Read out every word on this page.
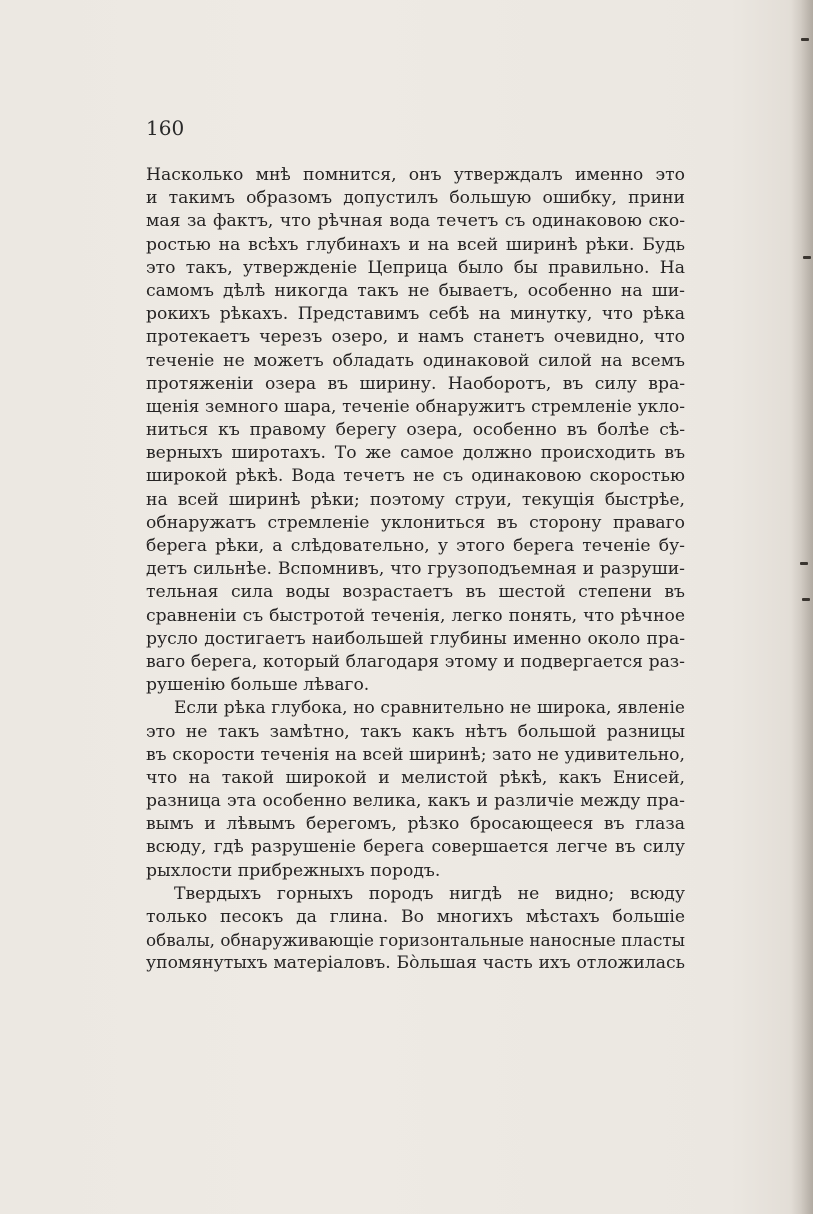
160

Насколько мнѣ помнится, онъ утверждалъ именно это
и такимъ образомъ допустилъ большую ошибку, прини
мая за фактъ, что рѣчная вода течетъ съ одинаковою ско-
ростью на всѣхъ глубинахъ и на всей ширинѣ рѣки. Будь
это такъ, утвержденіе Цеприца было бы правильно. На
самомъ дѣлѣ никогда такъ не бываетъ, особенно на ши-
рокихъ рѣкахъ. Представимъ себѣ на минутку, что рѣка
протекаетъ черезъ озеро, и намъ станетъ очевидно, что
теченіе не можетъ обладать одинаковой силой на всемъ
протяженіи озера въ ширину. Наоборотъ, въ силу вра-
щенія земного шара, теченіе обнаружитъ стремленіе укло-
ниться къ правому берегу озера, особенно въ болѣе сѣ-
верныхъ широтахъ. То же самое должно происходить въ
широкой рѣкѣ. Вода течетъ не съ одинаковою скоростью
на всей ширинѣ рѣки; поэтому струи, текущія быстрѣе,
обнаружатъ стремленіе уклониться въ сторону праваго
берега рѣки, а слѣдовательно, у этого берега теченіе бу-
детъ сильнѣе. Вспомнивъ, что грузоподъемная и разруши-
тельная сила воды возрастаетъ въ шестой степени въ
сравненіи съ быстротой теченія, легко понять, что рѣчное
русло достигаетъ наибольшей глубины именно около пра-
ваго берега, который благодаря этому и подвергается раз-
рушенію больше лѣваго.
Если рѣка глубока, но сравнительно не широка, явленіе
это не такъ замѣтно, такъ какъ нѣтъ большой разницы
въ скорости теченія на всей ширинѣ; зато не удивительно,
что на такой широкой и мелистой рѣкѣ, какъ Енисей,
разница эта особенно велика, какъ и различіе между пра-
вымъ и лѣвымъ берегомъ, рѣзко бросающееся въ глаза
всюду, гдѣ разрушеніе берега совершается легче въ силу
рыхлости прибрежныхъ породъ.
Твердыхъ горныхъ породъ нигдѣ не видно; всюду
только песокъ да глина. Во многихъ мѣстахъ большіе
обвалы, обнаруживающіе горизонтальные наносные пласты
упомянутыхъ матеріаловъ. Бо̀льшая часть ихъ отложилась
